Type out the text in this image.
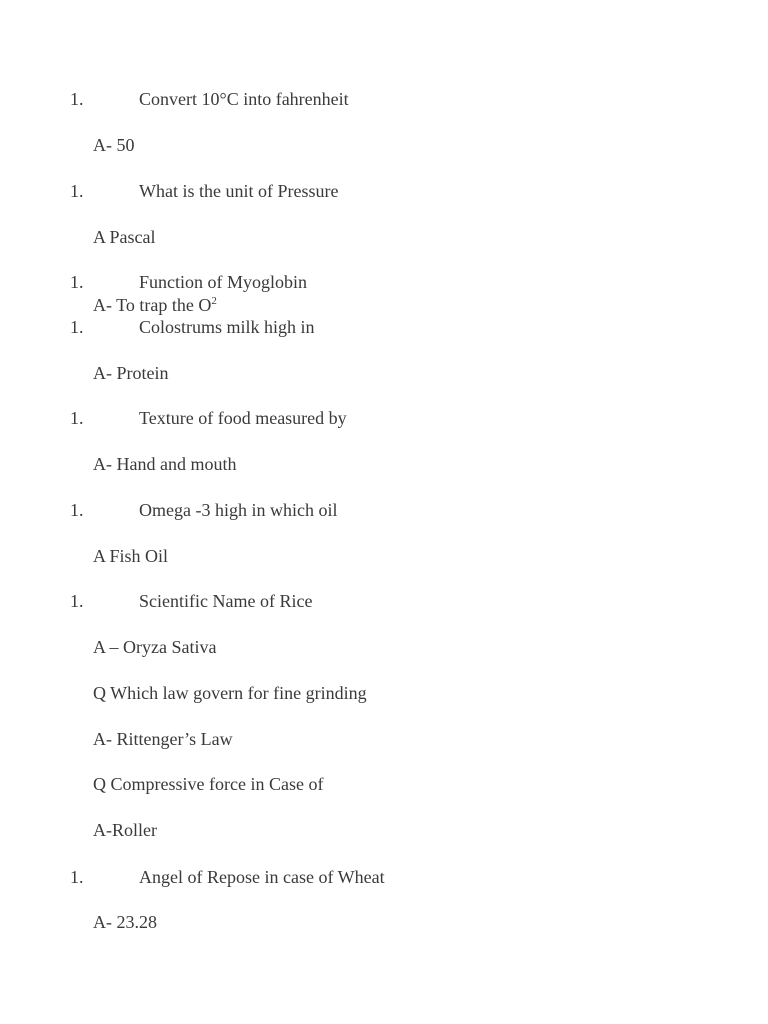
1.	Convert 10°C into fahrenheit
A- 50
1.	What is the unit of Pressure
A Pascal
1.	Function of Myoglobin
A- To trap the $O^2$
1.	Colostrums milk high in
A- Protein
1.	Texture of food measured by
A- Hand and mouth
1.	Omega -3 high in which oil
A Fish Oil
1.	Scientific Name of Rice
A – Oryza Sativa
Q Which law govern for fine grinding
A- Rittenger’s Law
Q Compressive force in Case of
A-Roller
1.	Angel of Repose in case of Wheat
A- 23.28
